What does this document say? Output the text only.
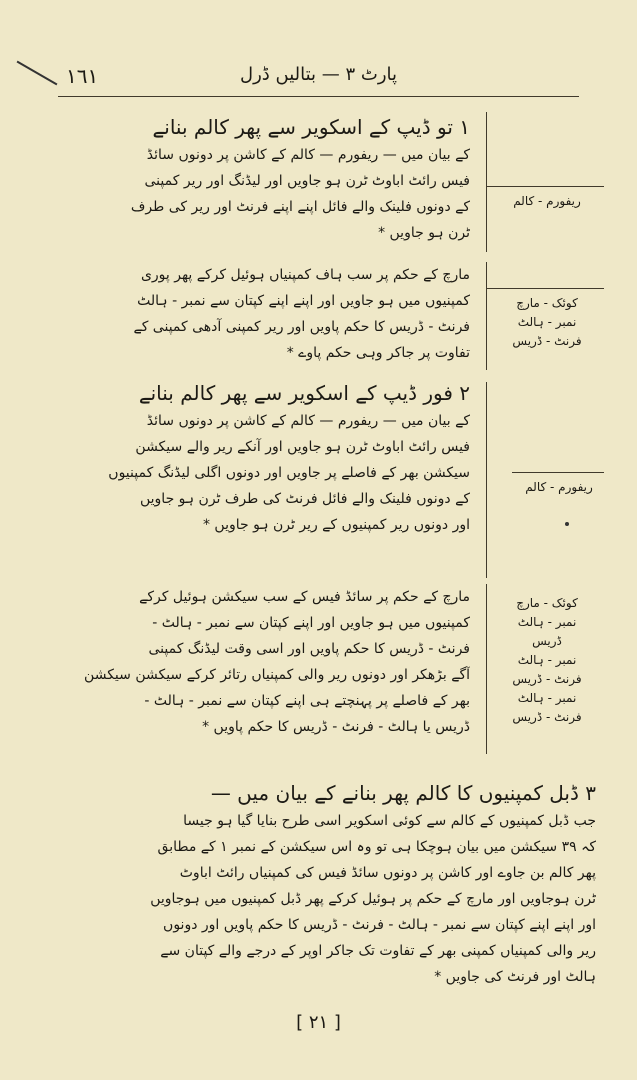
١٦١	پارٹ ٣ — بتالیں ڈرل

١ تو ڈیپ کے اسکویر سے پھر کالم بنانے

کے بیان میں — ریفورم — کالم کے کاشن پر دونوں سائڈ

فیس رائٹ اباوٹ ٹرن ہو جاویں اور لیڈنگ اور ریر کمپنی

کے دونوں فلینک والے فائل اپنے اپنے فرنٹ اور ریر کی طرف

ٹرن ہو جاویں *

ریفورم - کالم

مارچ کے حکم پر سب ہاف کمپنیاں ہوئیل کرکے پھر پوری

کمپنیوں میں ہو جاویں اور اپنے اپنے کپتان سے نمبر - ہالٹ

فرنٹ - ڈریس کا حکم پاویں اور ریر کمپنی آدھی کمپنی کے

تفاوت پر جاکر وہی حکم پاوے *

کوئک - مارچ
نمبر - ہالٹ
فرنٹ - ڈریس

٢ فور ڈیپ کے اسکویر سے پھر کالم بنانے

کے بیان میں — ریفورم — کالم کے کاشن پر دونوں سائڈ

فیس رائٹ اباوٹ ٹرن ہو جاویں اور آنکے ریر والے سیکشن

سیکشن بھر کے فاصلے پر جاویں اور دونوں اگلی لیڈنگ کمپنیوں

کے دونوں فلینک والے فائل فرنٹ کی طرف ٹرن ہو جاویں

اور دونوں ریر کمپنیوں کے ریر ٹرن ہو جاویں *

ریفورم - کالم

مارچ کے حکم پر سائڈ فیس کے سب سیکشن ہوئیل کرکے

کمپنیوں میں ہو جاویں اور اپنے کپتان سے نمبر - ہالٹ -

فرنٹ - ڈریس کا حکم پاویں اور اسی وقت لیڈنگ کمپنی

آگے بڑھکر اور دونوں ریر والی کمپنیاں رتائر کرکے سیکشن سیکشن

بھر کے فاصلے پر پہنچتے ہی اپنے کپتان سے نمبر - ہالٹ -

ڈریس یا ہالٹ - فرنٹ - ڈریس کا حکم پاویں *

کوئک - مارچ
نمبر - ہالٹ
ڈریس
نمبر - ہالٹ
فرنٹ - ڈریس
نمبر - ہالٹ
فرنٹ - ڈریس

٣ ڈبل کمپنیوں کا کالم پھر بنانے کے بیان میں —

جب ڈبل کمپنیوں کے کالم سے کوئی اسکویر اسی طرح بنایا گیا ہو جیسا

کہ ٣٩ سیکشن میں بیان ہوچکا ہی تو وہ اس سیکشن کے نمبر ١ کے مطابق

پھر کالم بن جاوے اور کاشن پر دونوں سائڈ فیس کی کمپنیاں رائٹ اباوٹ

ٹرن ہوجاویں اور مارچ کے حکم پر ہوئیل کرکے پھر ڈبل کمپنیوں میں ہوجاویں

اور اپنے اپنے کپتان سے نمبر - ہالٹ - فرنٹ - ڈریس کا حکم پاویں اور دونوں

ریر والی کمپنیاں کمپنی بھر کے تفاوت تک جاکر اوپر کے درجے والے کپتان سے

ہالٹ اور فرنٹ کی جاویں *

[ ٢١ ]
